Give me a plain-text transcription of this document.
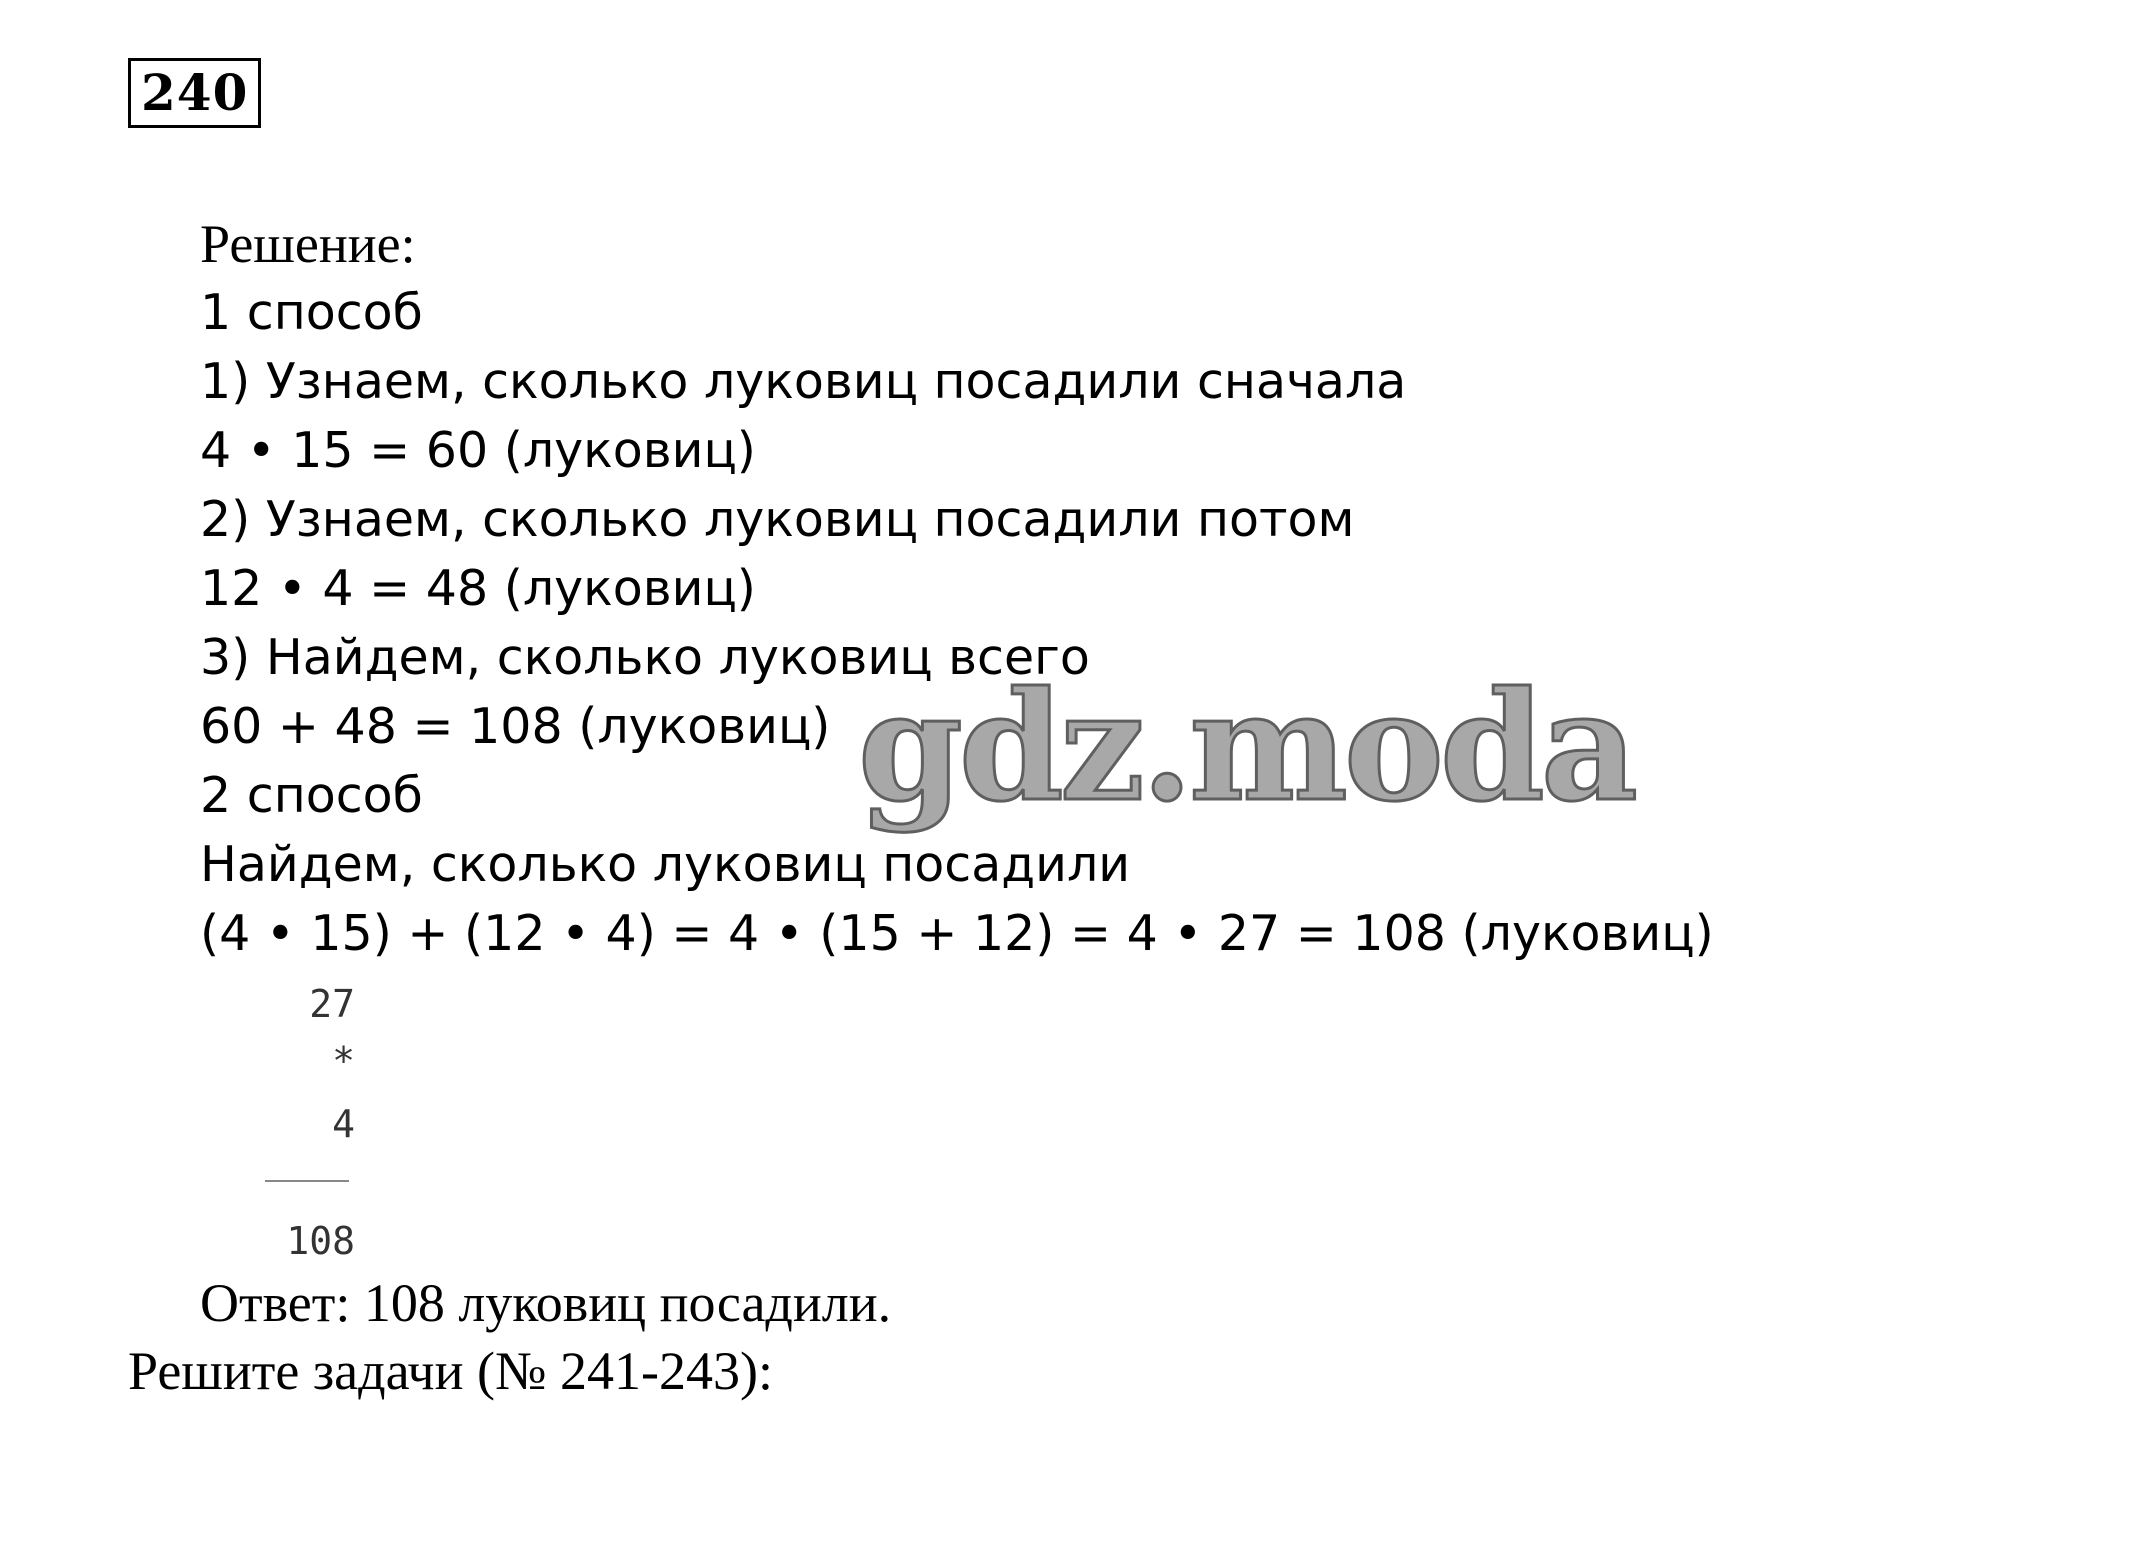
240
Решение:
1 способ
1) Узнаем, сколько луковиц посадили сначала
4 • 15 = 60 (луковиц)
2) Узнаем, сколько луковиц посадили потом
12 • 4 = 48 (луковиц)
3) Найдем, сколько луковиц всего
60 + 48 = 108 (луковиц)
2 способ
Найдем, сколько луковиц посадили
(4 • 15) + (12 • 4) = 4 • (15 + 12) = 4 • 27 = 108 (луковиц)
27
*
4
108
Ответ: 108 луковиц посадили.
Решите задачи (№ 241-243):
gdz.moda
